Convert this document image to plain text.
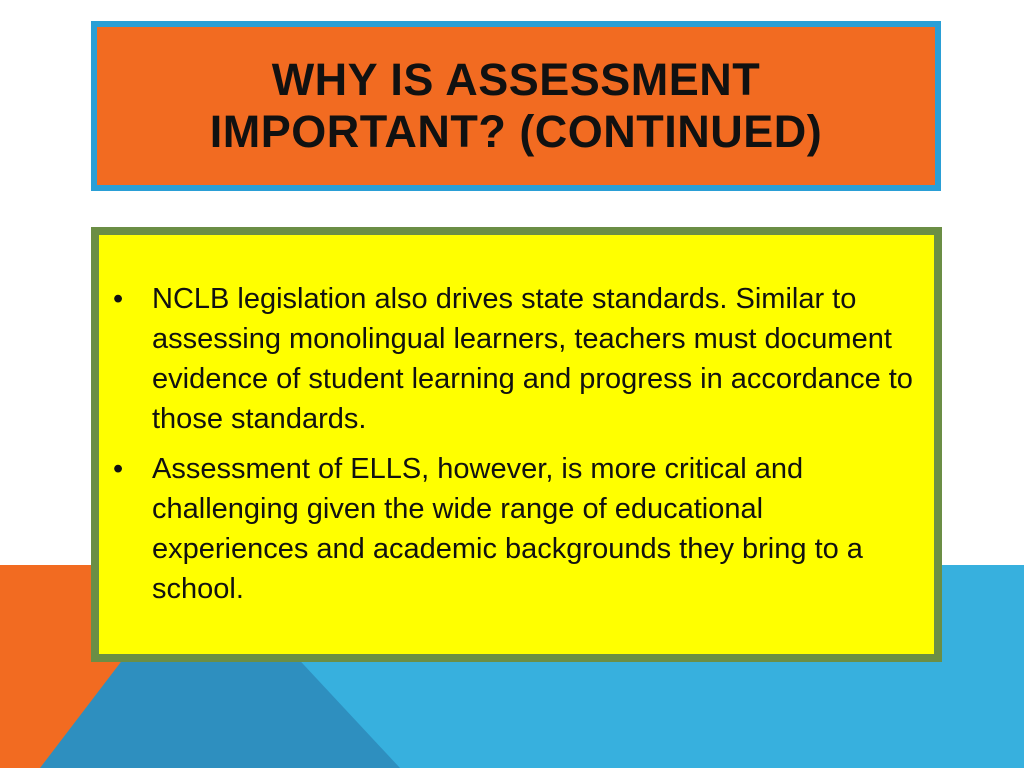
WHY IS ASSESSMENT IMPORTANT? (CONTINUED)
• NCLB legislation also drives state standards. Similar to assessing monolingual learners, teachers must document evidence of student learning and progress in accordance to those standards.
• Assessment of ELLS, however, is more critical and challenging given the wide range of educational experiences and academic backgrounds they bring to a school.
